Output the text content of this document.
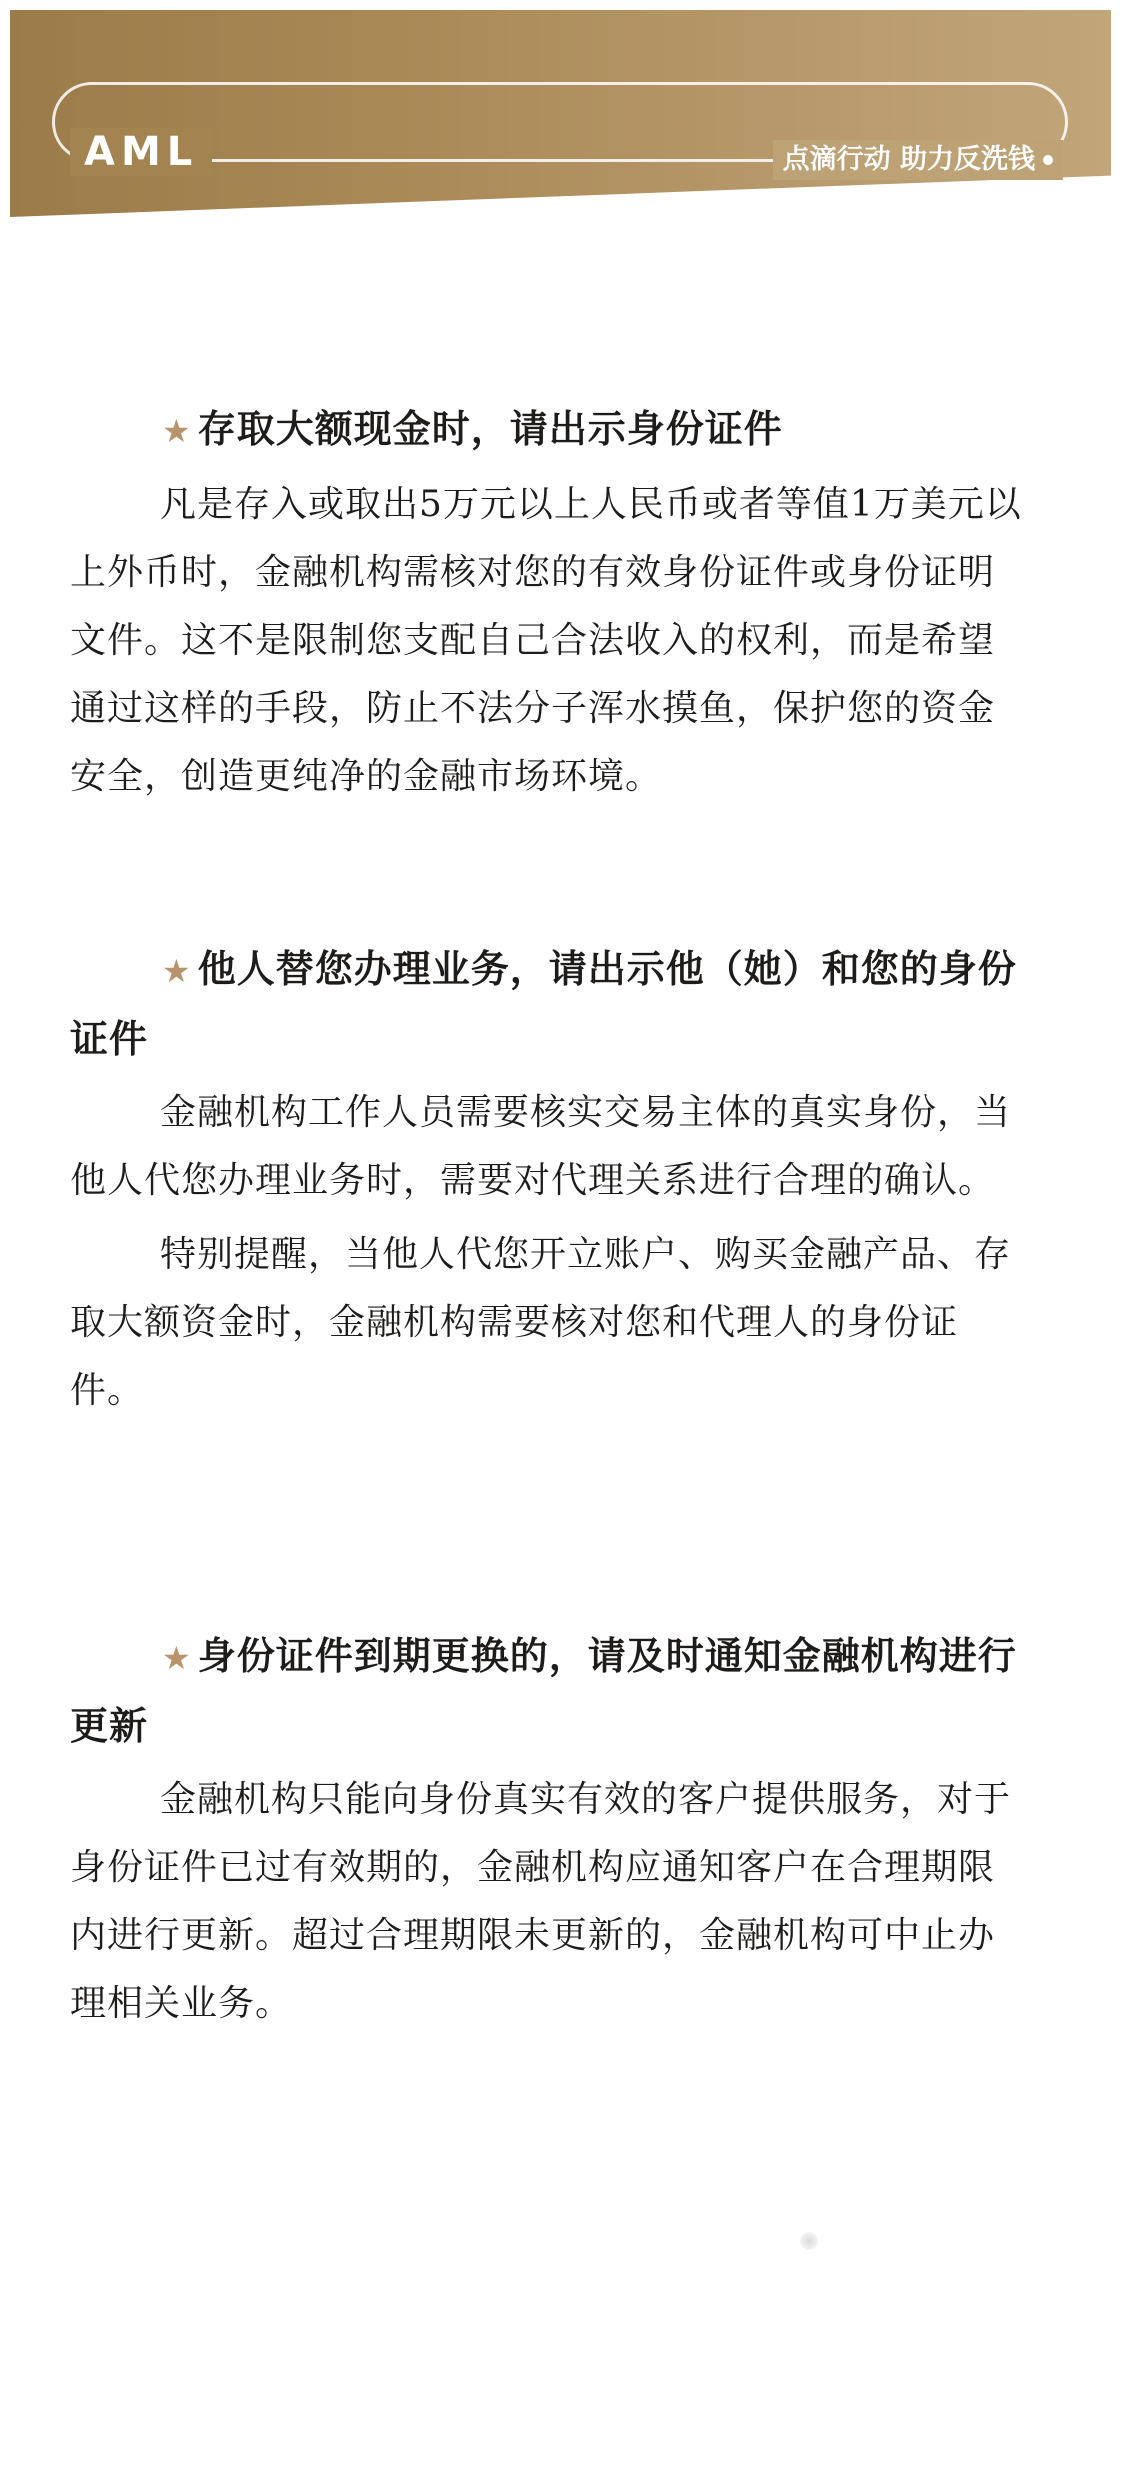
AML	点滴行动 助力反洗钱

★ 存取大额现金时，请出示身份证件

凡是存入或取出5万元以上人民币或者等值1万美元以上外币时，金融机构需核对您的有效身份证件或身份证明文件。这不是限制您支配自己合法收入的权利，而是希望通过这样的手段，防止不法分子浑水摸鱼，保护您的资金安全，创造更纯净的金融市场环境。

★ 他人替您办理业务，请出示他（她）和您的身份证件

金融机构工作人员需要核实交易主体的真实身份，当他人代您办理业务时，需要对代理关系进行合理的确认。

特别提醒，当他人代您开立账户、购买金融产品、存取大额资金时，金融机构需要核对您和代理人的身份证件。

★ 身份证件到期更换的，请及时通知金融机构进行更新

金融机构只能向身份真实有效的客户提供服务，对于身份证件已过有效期的，金融机构应通知客户在合理期限内进行更新。超过合理期限未更新的，金融机构可中止办理相关业务。
